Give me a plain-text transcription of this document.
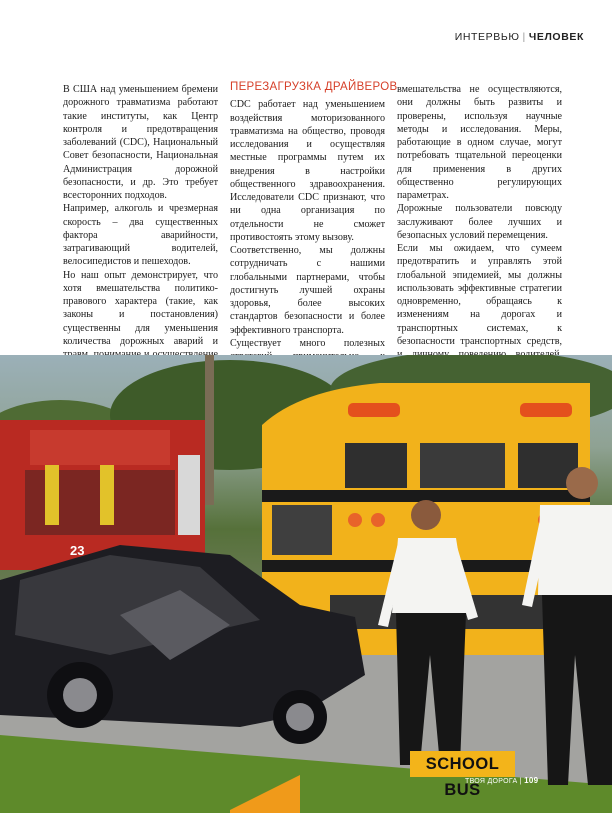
ИНТЕРВЬЮ | ЧЕЛОВЕК

В США над уменьшением бремени дорожного травматизма работают такие институты, как Центр контроля и предотвращения заболеваний (CDC), Национальный Совет безопасности, Национальная Администрация дорожной безопасности, и др. Это требует всесторонних подходов.

Например, алкоголь и чрезмерная скорость – два существенных фактора аварийности, затрагивающий водителей, велосипедистов и пешеходов.

Но наш опыт демонстрирует, что хотя вмешательства политико-правового характера (такие, как законы и постановления) существенны для уменьшения количества дорожных аварий и

ПЕРЕЗАГРУЗКА ДРАЙВЕРОВ

CDC работает над уменьшением воздействия моторизованного травматизма на общество, проводя исследования и осуществляя местные программы путем их внедрения в настройки общественного здравоохранения. Исследователи CDC признают, что ни одна организация по отдельности не сможет противостоять этому вызову.

Соответственно, мы должны сотрудничать с нашими глобальными партнерами, чтобы достигнуть лучшей охраны здоровья, более высоких стандартов безопасности и более эффективного транспорта.

Существует много полезных

вмешательства не осуществляются, они должны быть развиты и проверены, используя научные методы и исследования. Меры, работающие в одном случае, могут потребовать тщательной переоценки для применения в других общественно регулирующих параметрах.

Дорожные пользователи повсюду заслуживают более лучших и безопасных условий перемещения.

Если мы ожидаем, что сумеем предотвратить и управлять этой глобальной эпидемией, мы должны использовать эффективные стратегии одновременно, обращаясь к изменениям на дорогах и транспортных системах, к безопасности транспортных средств,

23
SCHOOL BUS
ТВОЯ ДОРОГА | 109
